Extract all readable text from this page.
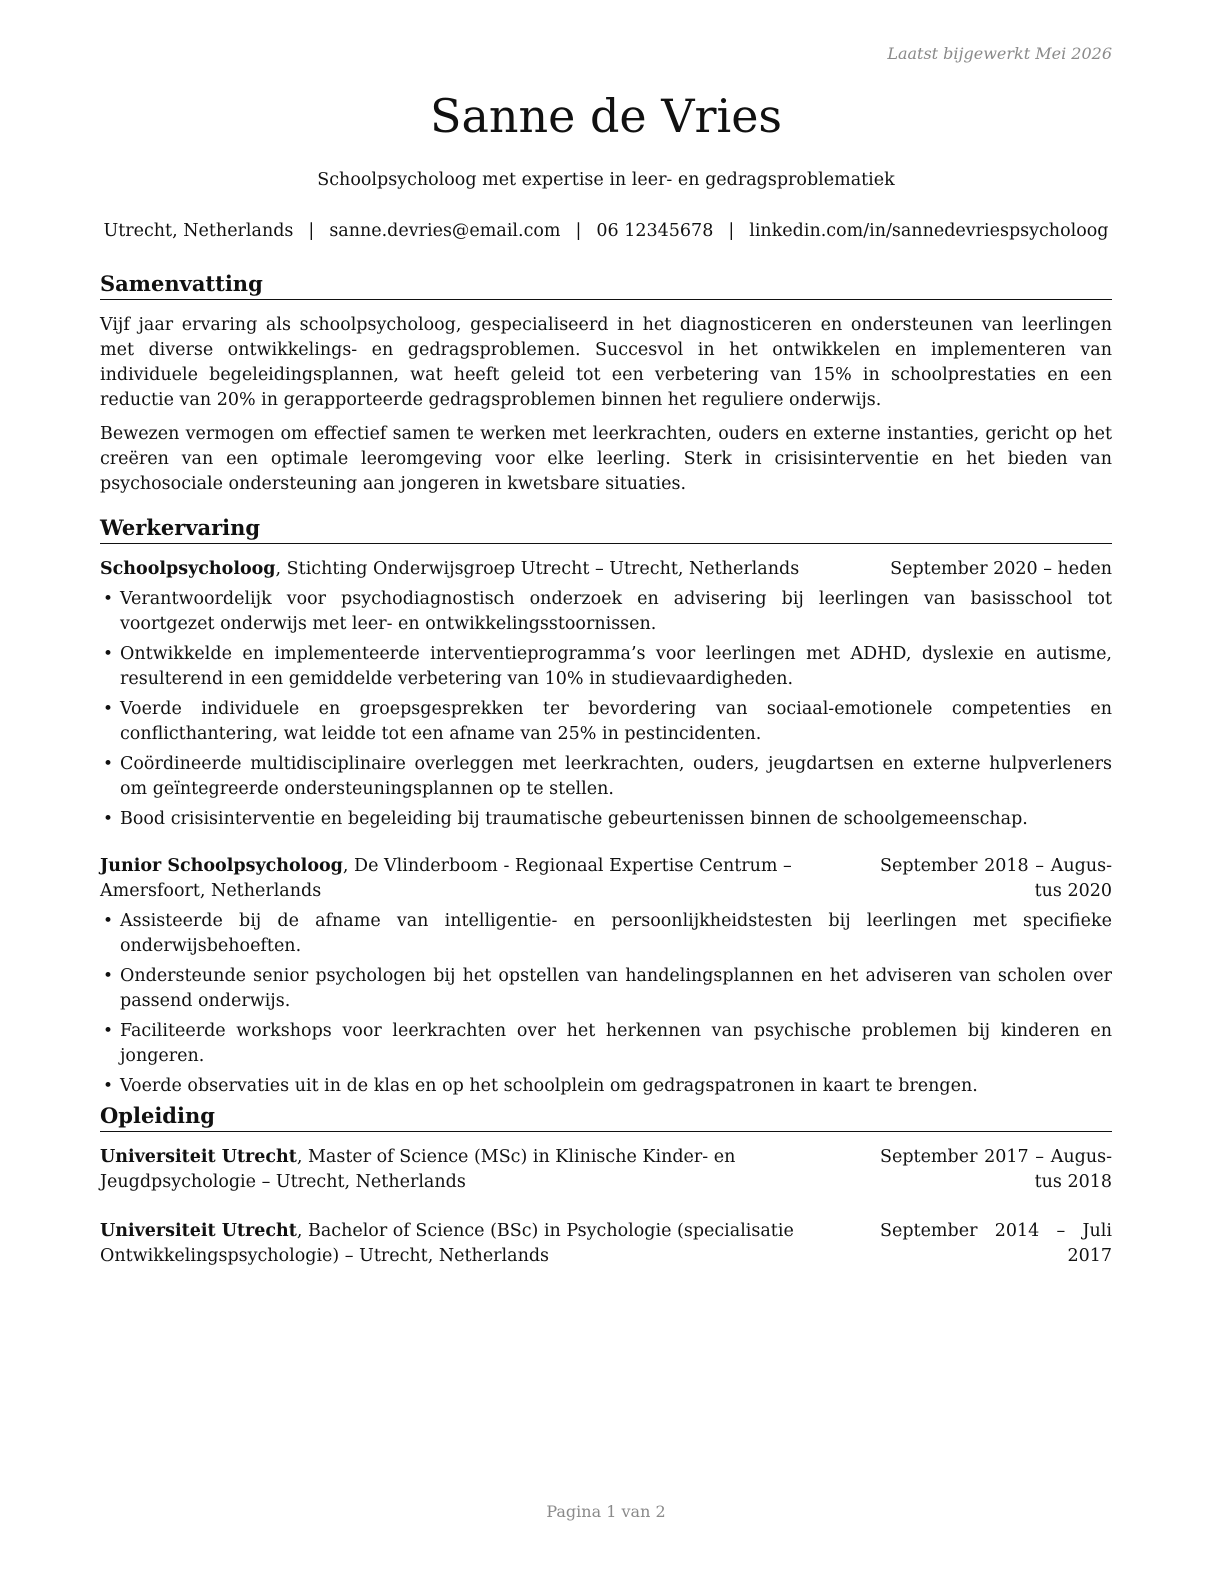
Laatst bijgewerkt Mei 2026
Sanne de Vries
Schoolpsycholoog met expertise in leer- en gedragsproblematiek
Utrecht, Netherlands | sanne.devries@email.com | 06 12345678 | linkedin.com/in/sannedevriespsycholoog
Samenvatting

Vijf jaar ervaring als schoolpsycholoog, gespecialiseerd in het diagnosticeren en ondersteunen van leerlingen met diverse ontwikkelings- en gedragsproblemen. Succesvol in het ontwikkelen en implementeren van individuele begeleidingsplannen, wat heeft geleid tot een verbetering van 15% in schoolprestaties en een reductie van 20% in gerapporteerde gedragsproblemen binnen het reguliere onderwijs.

Bewezen vermogen om effectief samen te werken met leerkrachten, ouders en externe instanties, gericht op het creëren van een optimale leeromgeving voor elke leerling. Sterk in crisisinterventie en het bieden van psychosociale ondersteuning aan jongeren in kwetsbare situaties.

Werkervaring
Schoolpsycholoog, Stichting Onderwijsgroep Utrecht – Utrecht, Netherlands	September 2020 – heden
• Verantwoordelijk voor psychodiagnostisch onderzoek en advisering bij leerlingen van basisschool tot voortgezet onderwijs met leer- en ontwikkelingsstoornissen.
• Ontwikkelde en implementeerde interventieprogramma’s voor leerlingen met ADHD, dyslexie en autisme, resulterend in een gemiddelde verbetering van 10% in studievaardigheden.
• Voerde individuele en groepsgesprekken ter bevordering van sociaal-emotionele competenties en conflicthantering, wat leidde tot een afname van 25% in pestincidenten.
• Coördineerde multidisciplinaire overleggen met leerkrachten, ouders, jeugdartsen en externe hulpverleners om geïntegreerde ondersteuningsplannen op te stellen.
• Bood crisisinterventie en begeleiding bij traumatische gebeurtenissen binnen de schoolgemeenschap.
Junior Schoolpsycholoog, De Vlinderboom - Regionaal Expertise Centrum – Amersfoort, Netherlands
September 2018 – Augustus 2020
• Assisteerde bij de afname van intelligentie- en persoonlijkheidstesten bij leerlingen met specifieke onderwijsbehoeften.
• Ondersteunde senior psychologen bij het opstellen van handelingsplannen en het adviseren van scholen over passend onderwijs.
• Faciliteerde workshops voor leerkrachten over het herkennen van psychische problemen bij kinderen en jongeren.
• Voerde observaties uit in de klas en op het schoolplein om gedragspatronen in kaart te brengen.
Opleiding
Universiteit Utrecht, Master of Science (MSc) in Klinische Kinder- en Jeugdpsychologie – Utrecht, Netherlands
September 2017 – Augustus 2018
Universiteit Utrecht, Bachelor of Science (BSc) in Psychologie (specialisatie Ontwikkelingspsychologie) – Utrecht, Netherlands
September 2014 – Juli 2017
Pagina 1 van 2
